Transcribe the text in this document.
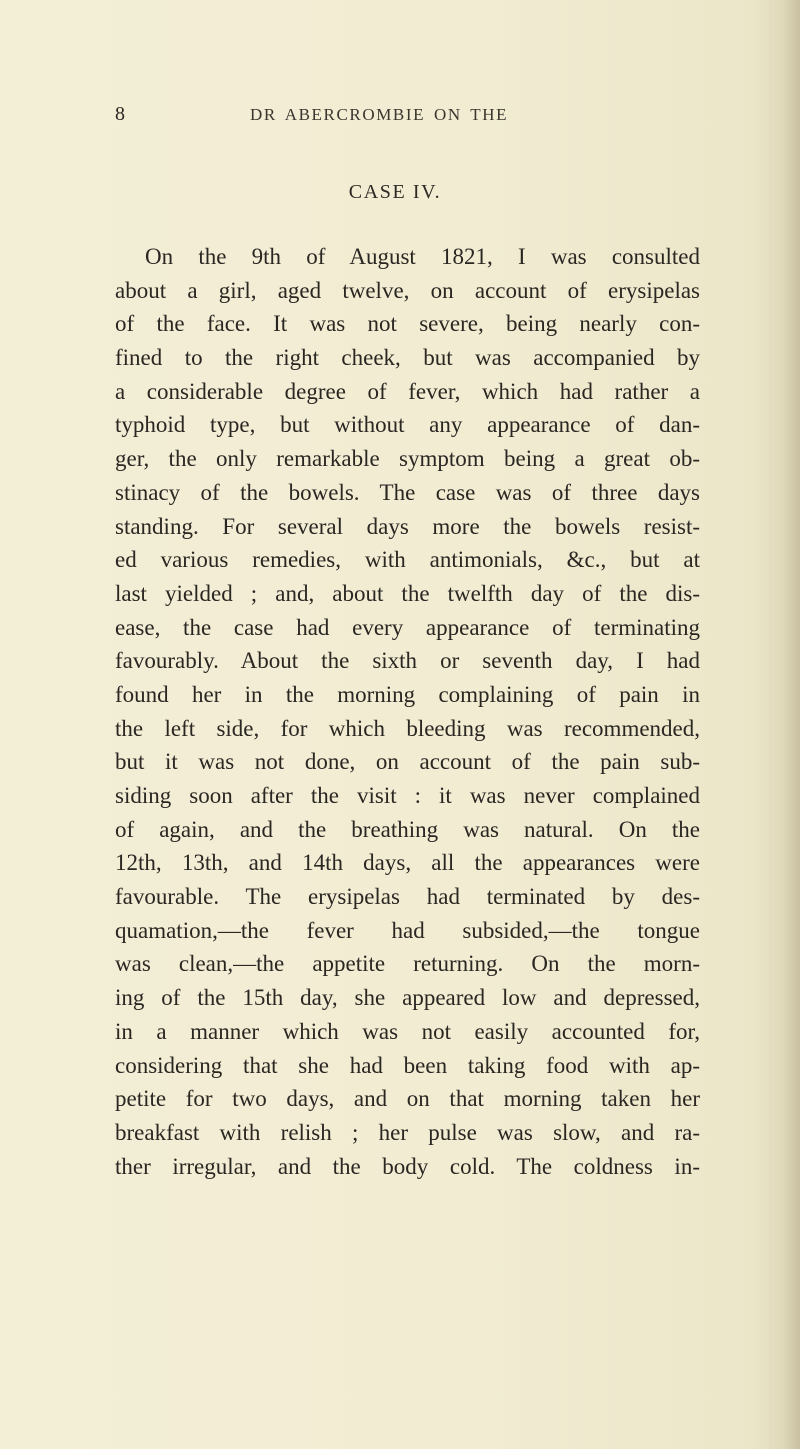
8	DR ABERCROMBIE ON THE
CASE IV.
On the 9th of August 1821, I was consulted
about a girl, aged twelve, on account of erysipelas
of the face. It was not severe, being nearly con-
fined to the right cheek, but was accompanied by
a considerable degree of fever, which had rather a
typhoid type, but without any appearance of dan-
ger, the only remarkable symptom being a great ob-
stinacy of the bowels. The case was of three days
standing. For several days more the bowels resist-
ed various remedies, with antimonials, &c., but at
last yielded ; and, about the twelfth day of the dis-
ease, the case had every appearance of terminating
favourably. About the sixth or seventh day, I had
found her in the morning complaining of pain in
the left side, for which bleeding was recommended,
but it was not done, on account of the pain sub-
siding soon after the visit : it was never complained
of again, and the breathing was natural. On the
12th, 13th, and 14th days, all the appearances were
favourable. The erysipelas had terminated by des-
quamation,—the fever had subsided,—the tongue
was clean,—the appetite returning. On the morn-
ing of the 15th day, she appeared low and depressed,
in a manner which was not easily accounted for,
considering that she had been taking food with ap-
petite for two days, and on that morning taken her
breakfast with relish ; her pulse was slow, and ra-
ther irregular, and the body cold. The coldness in-
